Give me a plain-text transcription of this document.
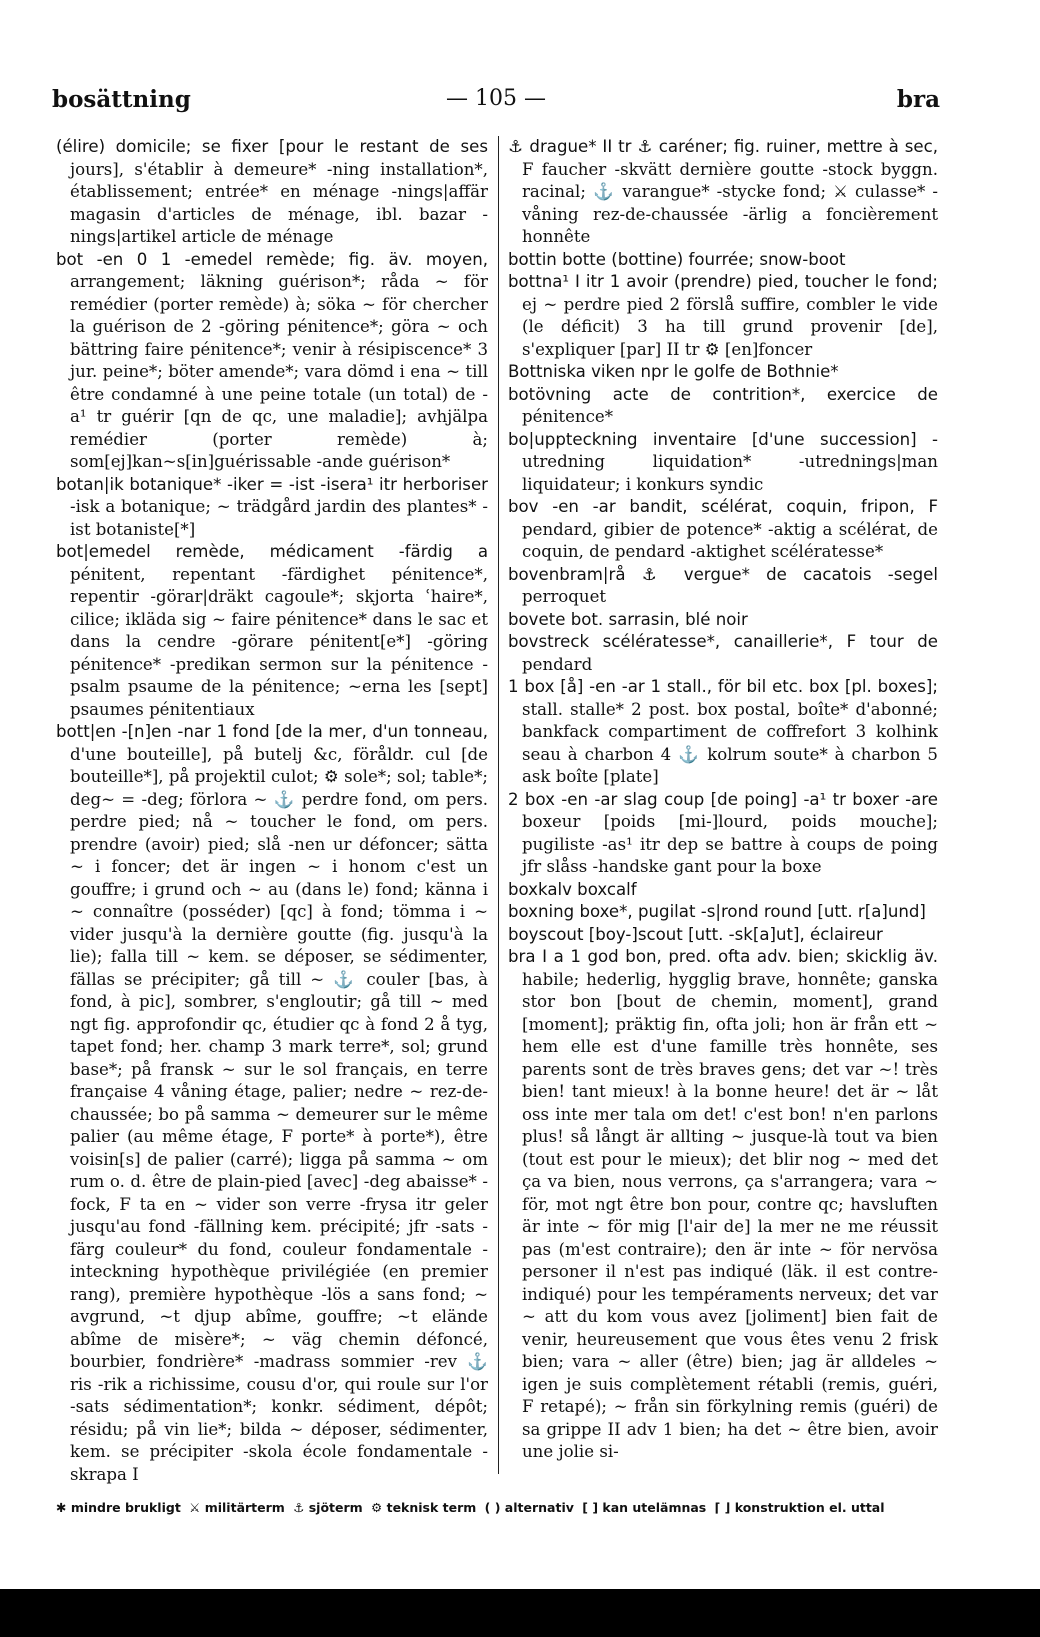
bosättning	— 105 —	bra

(élire) domicile; se fixer [pour le restant de ses jours], s'établir à demeure* -ning installation*, établissement; entrée* en ménage -nings|affär magasin d'articles de ménage, ibl. bazar -nings|artikel article de ménage

bot -en 0 1 -emedel remède; fig. äv. moyen, arrangement; läkning guérison*; råda ~ för remédier (porter remède) à; söka ~ för chercher la guérison de 2 -göring pénitence*; göra ~ och bättring faire pénitence*; venir à résipiscence* 3 jur. peine*; böter amende*; vara dömd i ena ~ till être condamné à une peine totale (un total) de -a¹ tr guérir [qn de qc, une maladie]; avhjälpa remédier (porter remède) à; som[ej]kan~s[in]guérissable -ande guérison*

botan|ik botanique* -iker = -ist -isera¹ itr herboriser -isk a botanique; ~ trädgård jardin des plantes* -ist botaniste[*]

bot|emedel remède, médicament -färdig a pénitent, repentant -färdighet pénitence*, repentir -görar|dräkt cagoule*; skjorta ʿhaire*, cilice; ikläda sig ~ faire pénitence* dans le sac et dans la cendre -görare pénitent[e*] -göring pénitence* -predikan sermon sur la pénitence -psalm psaume de la pénitence; ~erna les [sept] psaumes pénitentiaux

bott|en -[n]en -nar 1 fond [de la mer, d'un tonneau, d'une bouteille], på butelj &c, föråldr. cul [de bouteille*], på projektil culot; ⚙ sole*; sol; table*; deg~ = -deg; förlora ~ ⚓ perdre fond, om pers. perdre pied; nå ~ toucher le fond, om pers. prendre (avoir) pied; slå -nen ur défoncer; sätta ~ i foncer; det är ingen ~ i honom c'est un gouffre; i grund och ~ au (dans le) fond; känna i ~ connaître (posséder) [qc] à fond; tömma i ~ vider jusqu'à la dernière goutte (fig. jusqu'à la lie); falla till ~ kem. se déposer, se sédimenter, fällas se précipiter; gå till ~ ⚓ couler [bas, à fond, à pic], sombrer, s'engloutir; gå till ~ med ngt fig. approfondir qc, étudier qc à fond 2 å tyg, tapet fond; her. champ 3 mark terre*, sol; grund base*; på fransk ~ sur le sol français, en terre française 4 våning étage, palier; nedre ~ rez-de-chaussée; bo på samma ~ demeurer sur le même palier (au même étage, F porte* à porte*), être voisin[s] de palier (carré); ligga på samma ~ om rum o. d. être de plain-pied [avec] -deg abaisse* -fock, F ta en ~ vider son verre -frysa itr geler jusqu'au fond -fällning kem. précipité; jfr -sats -färg couleur* du fond, couleur fondamentale -inteckning hypothèque privilégiée (en premier rang), première hypothèque -lös a sans fond; ~ avgrund, ~t djup abîme, gouffre; ~t elände abîme de misère*; ~ väg chemin défoncé, bourbier, fondrière* -madrass sommier -rev ⚓ ris -rik a richissime, cousu d'or, qui roule sur l'or -sats sédimentation*; konkr. sédiment, dépôt; résidu; på vin lie*; bilda ~ déposer, sédimenter, kem. se précipiter -skola école fondamentale -skrapa I

⚓ drague* II tr ⚓ caréner; fig. ruiner, mettre à sec, F faucher -skvätt dernière goutte -stock byggn. racinal; ⚓ varangue* -stycke fond; ⚔ culasse* -våning rez-de-chaussée -ärlig a foncièrement honnête

bottin botte (bottine) fourrée; snow-boot

bottna¹ I itr 1 avoir (prendre) pied, toucher le fond; ej ~ perdre pied 2 förslå suffire, combler le vide (le déficit) 3 ha till grund provenir [de], s'expliquer [par] II tr ⚙ [en]foncer

Bottniska viken npr le golfe de Bothnie*

botövning acte de contrition*, exercice de pénitence*

bo|uppteckning inventaire [d'une succession] -utredning liquidation* -utrednings|man liquidateur; i konkurs syndic

bov -en -ar bandit, scélérat, coquin, fripon, F pendard, gibier de potence* -aktig a scélérat, de coquin, de pendard -aktighet scélératesse*

bovenbram|rå ⚓ vergue* de cacatois -segel perroquet

bovete bot. sarrasin, blé noir

bovstreck scélératesse*, canaillerie*, F tour de pendard

1 box [å] -en -ar 1 stall., för bil etc. box [pl. boxes]; stall. stalle* 2 post. box postal, boîte* d'abonné; bankfack compartiment de coffrefort 3 kolhink seau à charbon 4 ⚓ kolrum soute* à charbon 5 ask boîte [plate]

2 box -en -ar slag coup [de poing] -a¹ tr boxer -are boxeur [poids [mi-]lourd, poids mouche]; pugiliste -as¹ itr dep se battre à coups de poing jfr slåss -handske gant pour la boxe

boxkalv boxcalf

boxning boxe*, pugilat -s|rond round [utt. r[a]und]

boyscout [boy-]scout [utt. -sk[a]ut], éclaireur

bra I a 1 god bon, pred. ofta adv. bien; skicklig äv. habile; hederlig, hygglig brave, honnête; ganska stor bon [bout de chemin, moment], grand [moment]; präktig fin, ofta joli; hon är från ett ~ hem elle est d'une famille très honnête, ses parents sont de très braves gens; det var ~! très bien! tant mieux! à la bonne heure! det är ~ låt oss inte mer tala om det! c'est bon! n'en parlons plus! så långt är allting ~ jusque-là tout va bien (tout est pour le mieux); det blir nog ~ med det ça va bien, nous verrons, ça s'arrangera; vara ~ för, mot ngt être bon pour, contre qc; havsluften är inte ~ för mig [l'air de] la mer ne me réussit pas (m'est contraire); den är inte ~ för nervösa personer il n'est pas indiqué (läk. il est contre-indiqué) pour les tempéraments nerveux; det var ~ att du kom vous avez [joliment] bien fait de venir, heureusement que vous êtes venu 2 frisk bien; vara ~ aller (être) bien; jag är alldeles ~ igen je suis complètement rétabli (remis, guéri, F retapé); ~ från sin förkylning remis (guéri) de sa grippe II adv 1 bien; ha det ~ être bien, avoir une jolie si-

✱ mindre brukligt ⚔ militärterm ⚓ sjöterm ⚙ teknisk term ( ) alternativ [ ] kan utelämnas ⌈ ⌋ konstruktion el. uttal
